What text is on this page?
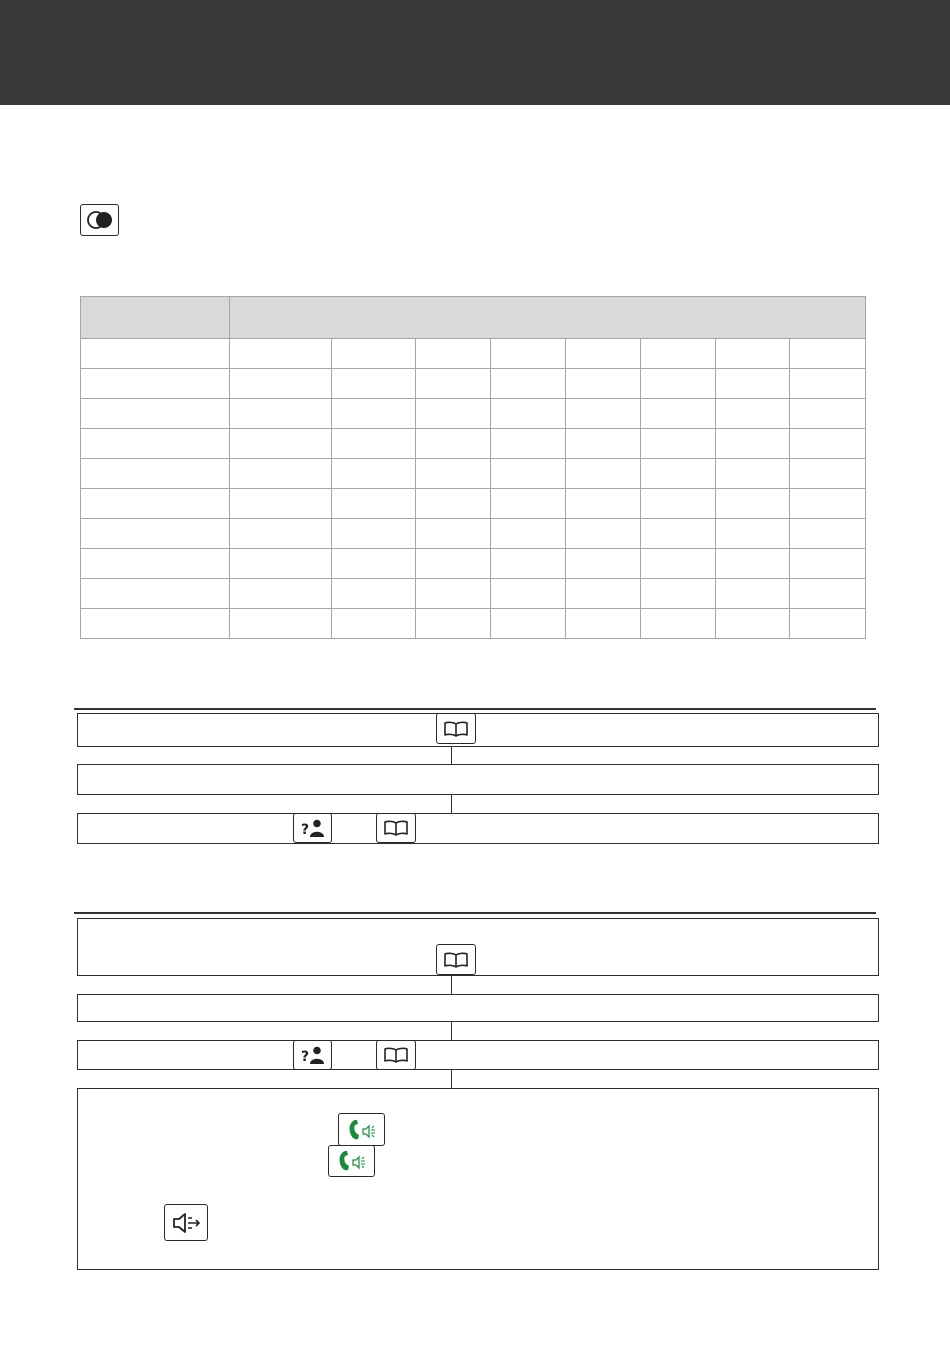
?
?
